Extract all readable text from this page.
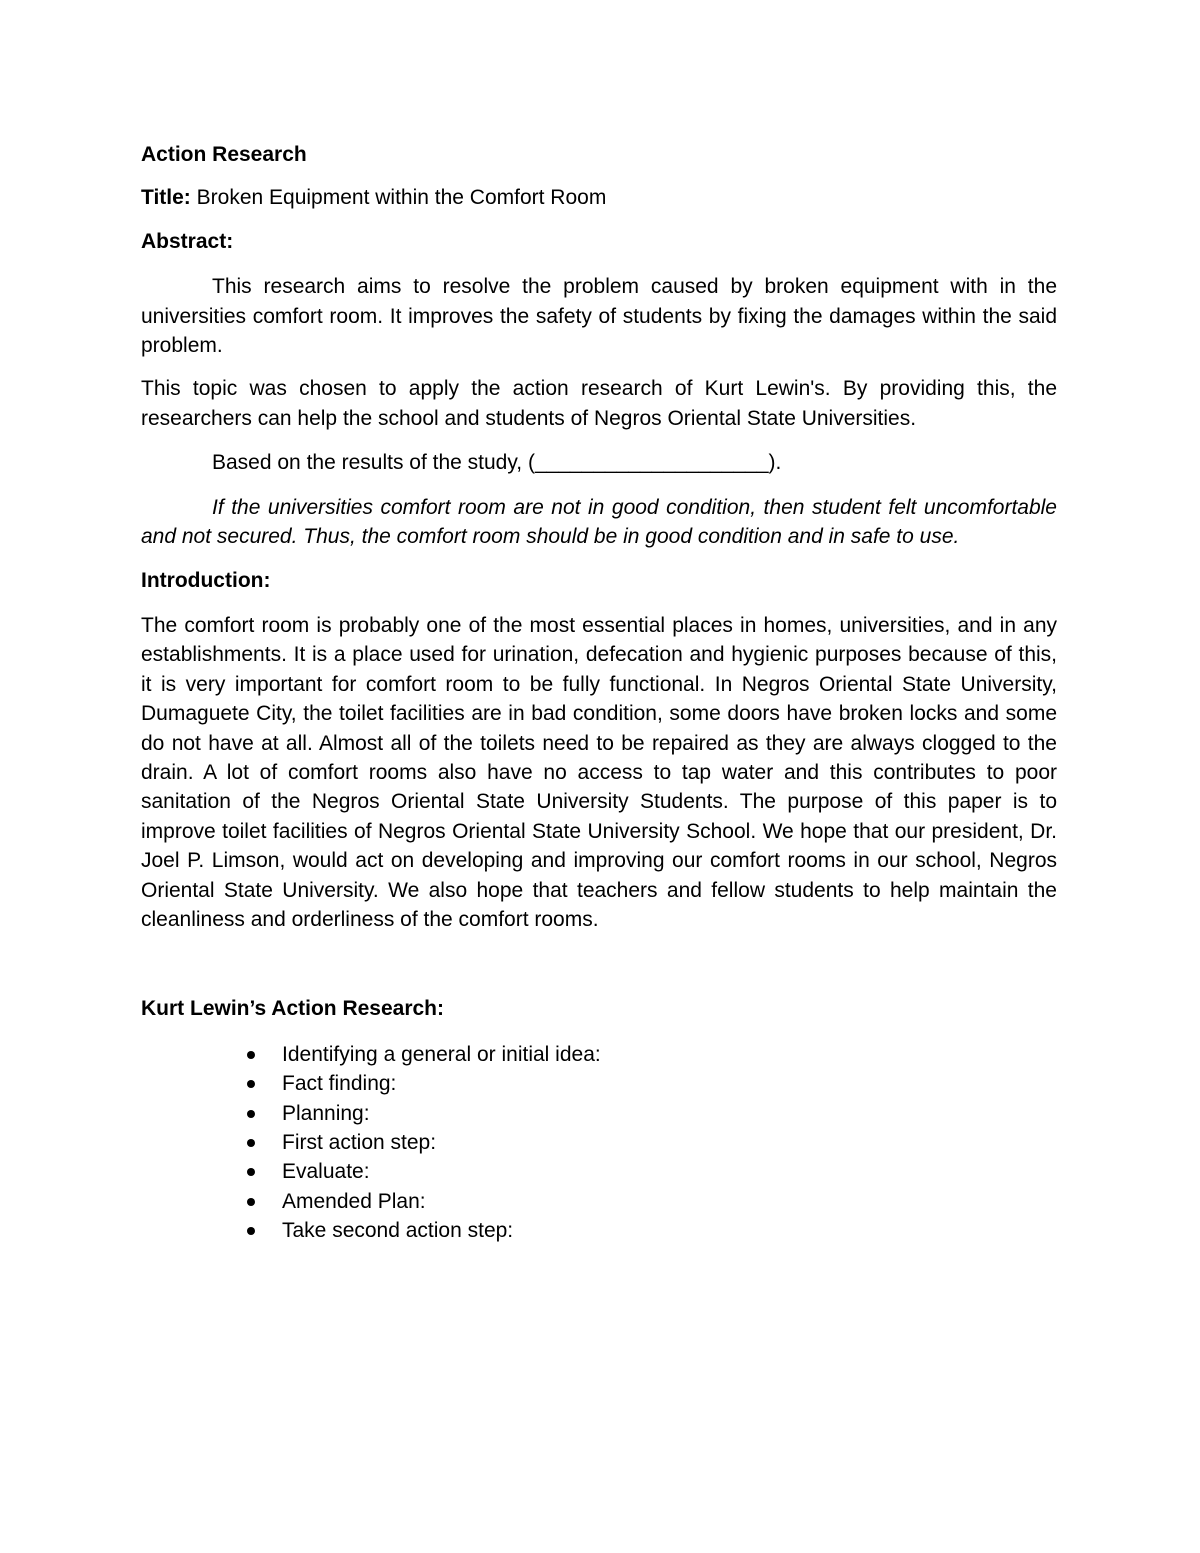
Action Research

Title: Broken Equipment within the Comfort Room

Abstract:

This research aims to resolve the problem caused by broken equipment with in the universities comfort room. It improves the safety of students by fixing the damages within the said problem.

This topic was chosen to apply the action research of Kurt Lewin's. By providing this, the researchers can help the school and students of Negros Oriental State Universities.

Based on the results of the study, (____________________).

If the universities comfort room are not in good condition, then student felt uncomfortable and not secured. Thus, the comfort room should be in good condition and in safe to use.

Introduction:

The comfort room is probably one of the most essential places in homes, universities, and in any establishments. It is a place used for urination, defecation and hygienic purposes because of this, it is very important for comfort room to be fully functional. In Negros Oriental State University, Dumaguete City, the toilet facilities are in bad condition, some doors have broken locks and some do not have at all. Almost all of the toilets need to be repaired as they are always clogged to the drain. A lot of comfort rooms also have no access to tap water and this contributes to poor sanitation of the Negros Oriental State University Students. The purpose of this paper is to improve toilet facilities of Negros Oriental State University School. We hope that our president, Dr. Joel P. Limson, would act on developing and improving our comfort rooms in our school, Negros Oriental State University. We also hope that teachers and fellow students to help maintain the cleanliness and orderliness of the comfort rooms.

Kurt Lewin’s Action Research:

Identifying a general or initial idea:
Fact finding:
Planning:
First action step:
Evaluate:
Amended Plan:
Take second action step:
